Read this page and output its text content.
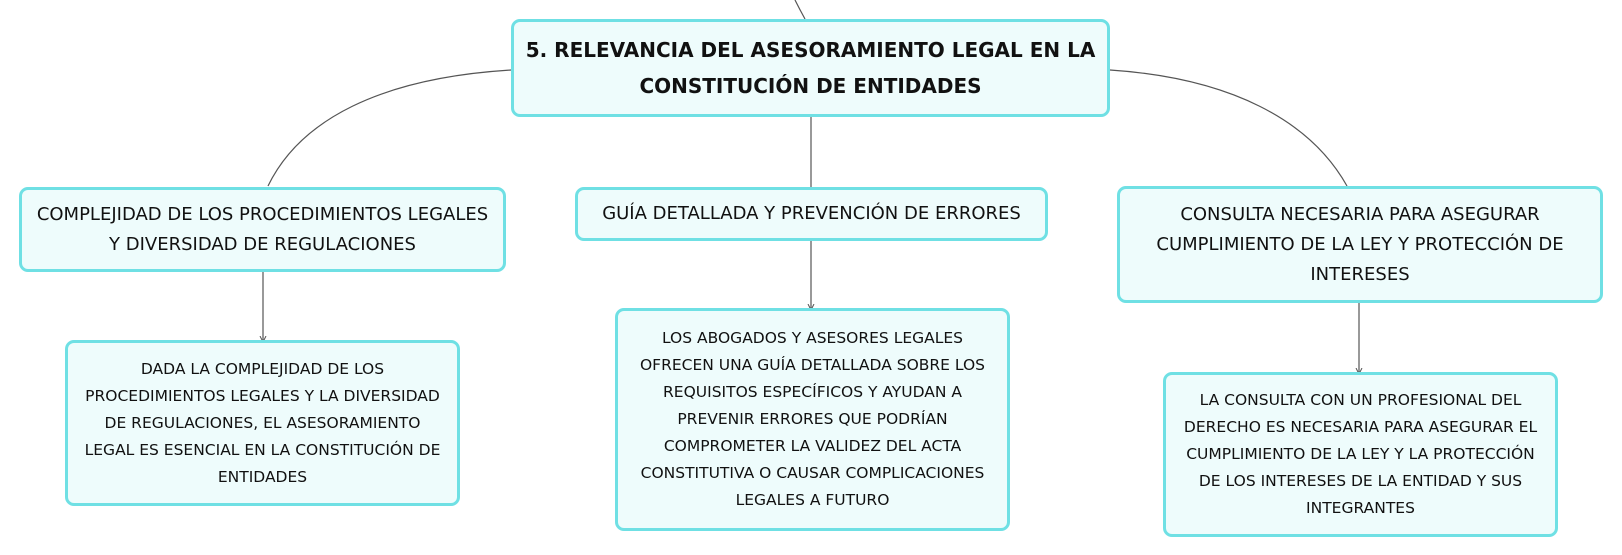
5. RELEVANCIA DEL ASESORAMIENTO LEGAL EN LA CONSTITUCIÓN DE ENTIDADES
COMPLEJIDAD DE LOS PROCEDIMIENTOS LEGALES Y DIVERSIDAD DE REGULACIONES
GUÍA DETALLADA Y PREVENCIÓN DE ERRORES	CONSULTA NECESARIA PARA ASEGURAR CUMPLIMIENTO DE LA LEY Y PROTECCIÓN DE INTERESES
DADA LA COMPLEJIDAD DE LOS PROCEDIMIENTOS LEGALES Y LA DIVERSIDAD DE REGULACIONES, EL ASESORAMIENTO LEGAL ES ESENCIAL EN LA CONSTITUCIÓN DE ENTIDADES
LOS ABOGADOS Y ASESORES LEGALES OFRECEN UNA GUÍA DETALLADA SOBRE LOS REQUISITOS ESPECÍFICOS Y AYUDAN A PREVENIR ERRORES QUE PODRÍAN COMPROMETER LA VALIDEZ DEL ACTA CONSTITUTIVA O CAUSAR COMPLICACIONES LEGALES A FUTURO
LA CONSULTA CON UN PROFESIONAL DEL DERECHO ES NECESARIA PARA ASEGURAR EL CUMPLIMIENTO DE LA LEY Y LA PROTECCIÓN DE LOS INTERESES DE LA ENTIDAD Y SUS INTEGRANTES
